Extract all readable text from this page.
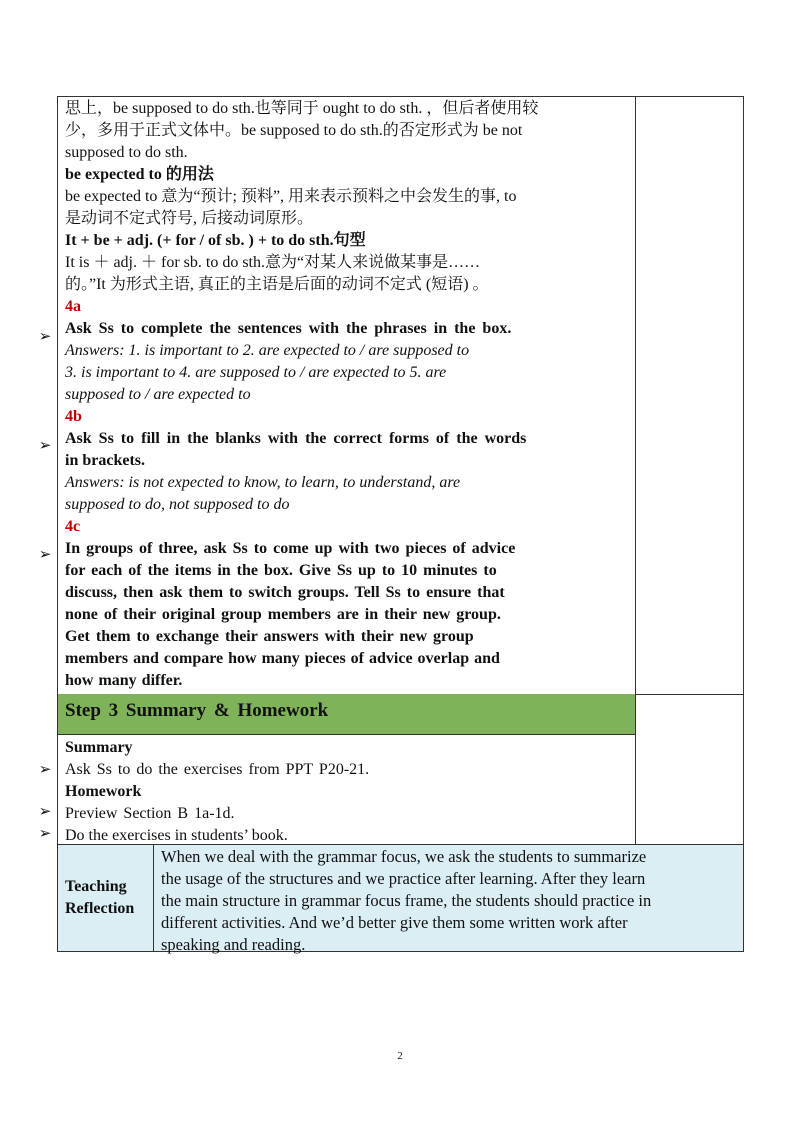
➢
➢
➢
➢
➢
➢
思上，be supposed to do sth.也等同于 ought to do sth. ，但后者使用较
少，多用于正式文体中。be supposed to do sth.的否定形式为 be not
supposed to do sth.
be expected to 的用法
be expected to 意为“预计; 预料”, 用来表示预料之中会发生的事, to
是动词不定式符号, 后接动词原形。
It + be + adj. (+ for / of sb. ) + to do sth.句型
It is ＋ adj. ＋ for sb. to do sth.意为“对某人来说做某事是……
的。”It 为形式主语, 真正的主语是后面的动词不定式 (短语) 。
4a
Ask Ss to complete the sentences with the phrases in the box.
Answers: 1. is important to 2. are expected to / are supposed to
3. is important to 4. are supposed to / are expected to 5. are
supposed to / are expected to
4b
Ask Ss to fill in the blanks with the correct forms of the words
in brackets.
Answers: is not expected to know, to learn, to understand, are
supposed to do, not supposed to do
4c
In groups of three, ask Ss to come up with two pieces of advice
for each of the items in the box. Give Ss up to 10 minutes to
discuss, then ask them to switch groups. Tell Ss to ensure that
none of their original group members are in their new group.
Get them to exchange their answers with their new group
members and compare how many pieces of advice overlap and
how many differ.
Step 3 Summary & Homework
Summary
Ask Ss to do the exercises from PPT P20-21.
Homework
Preview Section B 1a-1d.
Do the exercises in students’ book.
Teaching
Reflection
When we deal with the grammar focus, we ask the students to summarize
the usage of the structures and we practice after learning. After they learn
the main structure in grammar focus frame, the students should practice in
different activities. And we’d better give them some written work after
speaking and reading.
2
